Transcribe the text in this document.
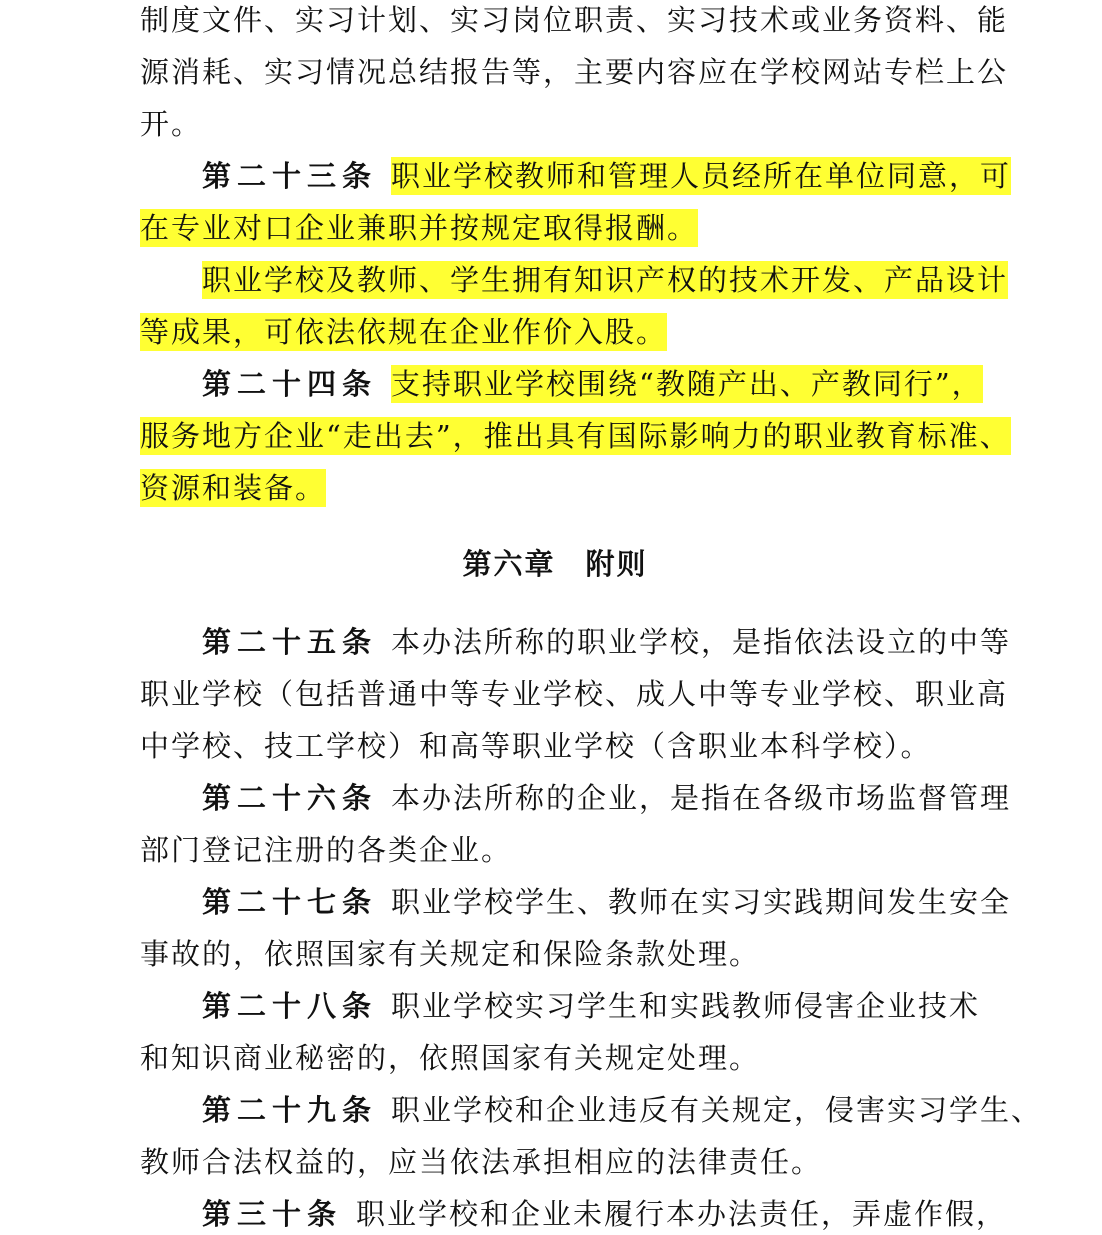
制度文件、实习计划、实习岗位职责、实习技术或业务资料、能
源消耗、实习情况总结报告等，主要内容应在学校网站专栏上公
开。
第二十三条 职业学校教师和管理人员经所在单位同意，可
在专业对口企业兼职并按规定取得报酬。
职业学校及教师、学生拥有知识产权的技术开发、产品设计
等成果，可依法依规在企业作价入股。
第二十四条 支持职业学校围绕“教随产出、产教同行”，
服务地方企业“走出去”，推出具有国际影响力的职业教育标准、
资源和装备。
第六章 附则
第二十五条 本办法所称的职业学校，是指依法设立的中等
职业学校（包括普通中等专业学校、成人中等专业学校、职业高
中学校、技工学校）和高等职业学校（含职业本科学校）。
第二十六条 本办法所称的企业，是指在各级市场监督管理
部门登记注册的各类企业。
第二十七条 职业学校学生、教师在实习实践期间发生安全
事故的，依照国家有关规定和保险条款处理。
第二十八条 职业学校实习学生和实践教师侵害企业技术
和知识商业秘密的，依照国家有关规定处理。
第二十九条 职业学校和企业违反有关规定，侵害实习学生、
教师合法权益的，应当依法承担相应的法律责任。
第三十条 职业学校和企业未履行本办法责任，弄虚作假，
